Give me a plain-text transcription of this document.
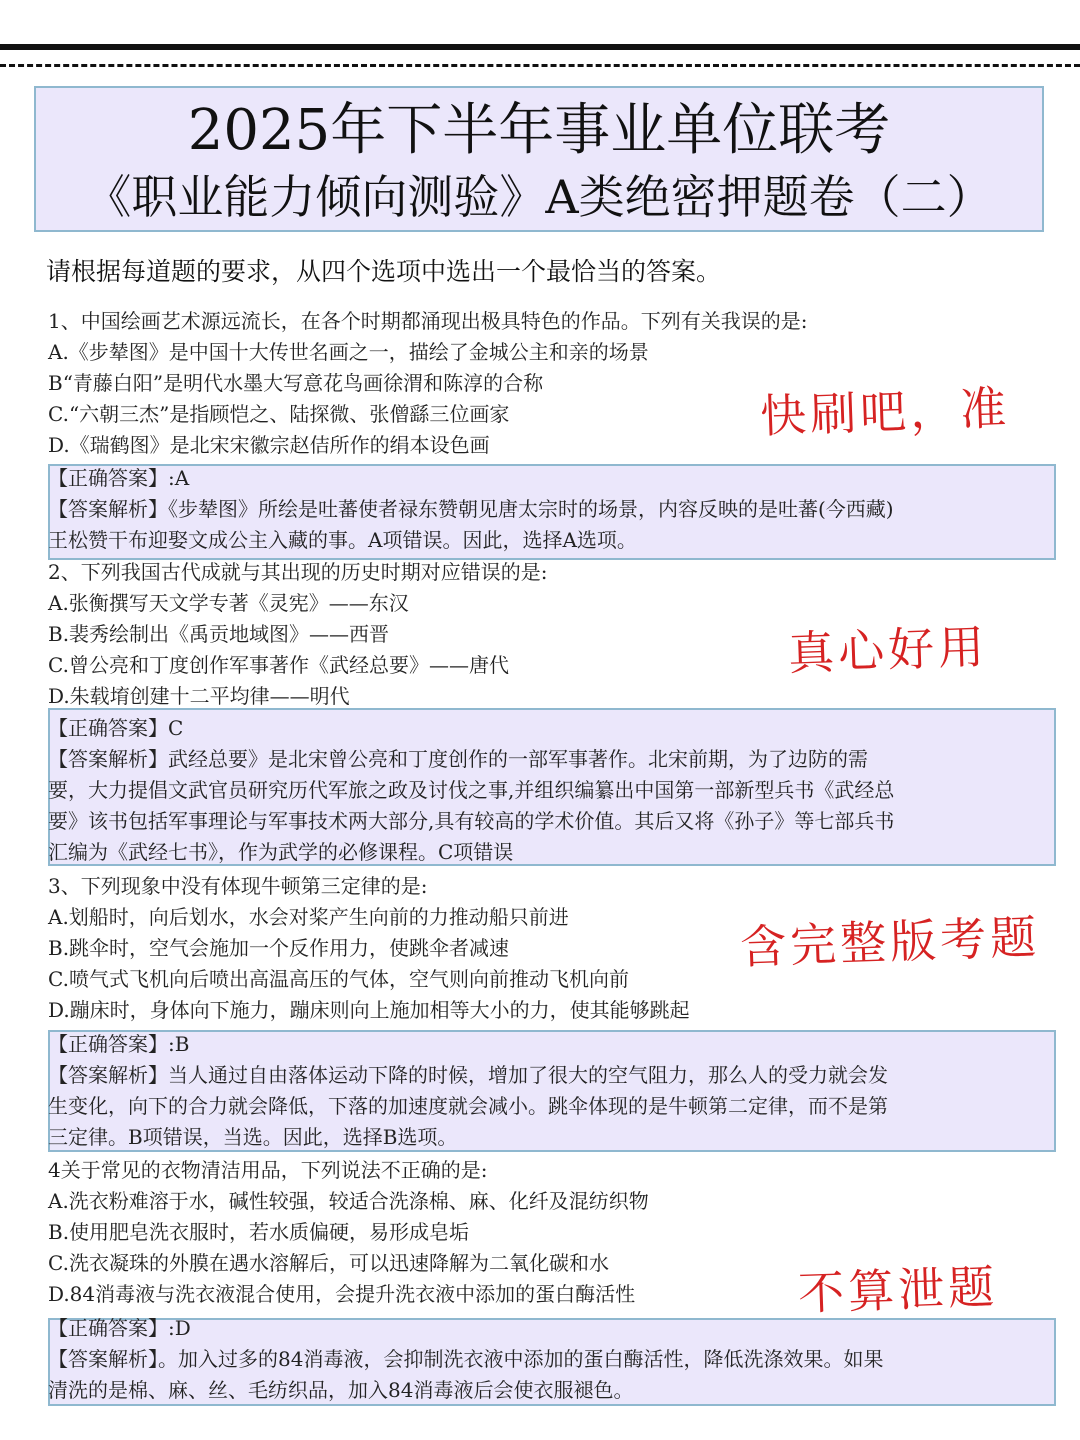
2025年下半年事业单位联考
《职业能力倾向测验》A类绝密押题卷（二）
请根据每道题的要求，从四个选项中选出一个最恰当的答案。
1、中国绘画艺术源远流长，在各个时期都涌现出极具特色的作品。下列有关我误的是:
A.《步辇图》是中国十大传世名画之一，描绘了金城公主和亲的场景
B“青藤白阳”是明代水墨大写意花鸟画徐渭和陈淳的合称
C.“六朝三杰”是指顾恺之、陆探微、张僧繇三位画家
D.《瑞鹤图》是北宋宋徽宗赵佶所作的绢本设色画
【正确答案】:A
【答案解析】《步辇图》所绘是吐蕃使者禄东赞朝见唐太宗时的场景，内容反映的是吐蕃(今西藏)
王松赞干布迎娶文成公主入藏的事。A项错误。因此，选择A选项。
2、下列我国古代成就与其出现的历史时期对应错误的是:
A.张衡撰写天文学专著《灵宪》——东汉
B.裴秀绘制出《禹贡地域图》——西晋
C.曾公亮和丁度创作军事著作《武经总要》——唐代
D.朱载堉创建十二平均律——明代
【正确答案】C
【答案解析】武经总要》是北宋曾公亮和丁度创作的一部军事著作。北宋前期，为了边防的需
要，大力提倡文武官员研究历代军旅之政及讨伐之事,并组织编纂出中国第一部新型兵书《武经总
要》该书包括军事理论与军事技术两大部分,具有较高的学术价值。其后又将《孙子》等七部兵书
汇编为《武经七书》，作为武学的必修课程。C项错误
3、下列现象中没有体现牛顿第三定律的是:
A.划船时，向后划水，水会对桨产生向前的力推动船只前进
B.跳伞时，空气会施加一个反作用力，使跳伞者减速
C.喷气式飞机向后喷出高温高压的气体，空气则向前推动飞机向前
D.蹦床时，身体向下施力，蹦床则向上施加相等大小的力，使其能够跳起
【正确答案】:B
【答案解析】当人通过自由落体运动下降的时候，增加了很大的空气阻力，那么人的受力就会发
生变化，向下的合力就会降低，下落的加速度就会减小。跳伞体现的是牛顿第二定律，而不是第
三定律。B项错误，当选。因此，选择B选项。
4关于常见的衣物清洁用品，下列说法不正确的是:
A.洗衣粉难溶于水，碱性较强，较适合洗涤棉、麻、化纤及混纺织物
B.使用肥皂洗衣服时，若水质偏硬，易形成皂垢
C.洗衣凝珠的外膜在遇水溶解后，可以迅速降解为二氧化碳和水
D.84消毒液与洗衣液混合使用，会提升洗衣液中添加的蛋白酶活性
【正确答案】:D
【答案解析】。加入过多的84消毒液，会抑制洗衣液中添加的蛋白酶活性，降低洗涤效果。如果
清洗的是棉、麻、丝、毛纺织品，加入84消毒液后会使衣服褪色。
快刷吧，准
真心好用
含完整版考题
不算泄题
